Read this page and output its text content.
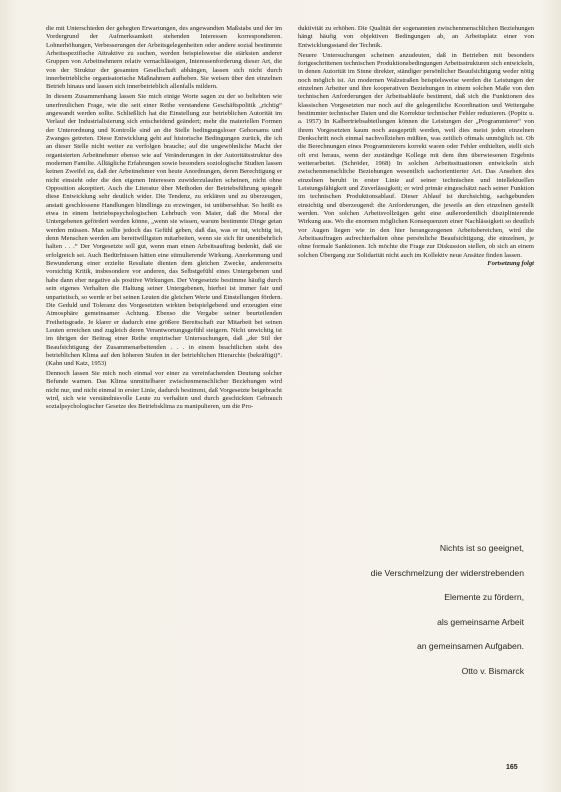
die mit Unterschieden der gehegten Erwartungen, des angewandten Maßstabs und der im Vordergrund der Aufmerksamkeit stehenden Interessen korrespondieren. Lohnerhöhungen, Verbesserungen der Arbeitsgelegenheiten oder andere sozial bestimmte Arbeitsspezifische Attraktive zu suchen, werden beispielsweise die stärksten anderer Gruppen von Arbeitnehmern relativ vernachlässigen, Interessenforderung dieser Art, die von der Struktur der gesamten Gesellschaft abhängen, lassen sich nicht durch innerbetriebliche organisatorische Maßnahmen aufheben. Sie weisen über den einzelnen Betrieb hinaus und lassen sich innerbetrieblich allenfalls mildern.

In diesem Zusammenhang lassen Sie mich einige Worte sagen zu der so beliebten wie unerfreulichen Frage, wie die seit einer Reihe verstandene Geschäftspolitik „richtig“ angewandt werden sollte. Schließlich hat die Einstellung zur betrieblichen Autorität im Verlauf der Industrialisierung sich entscheidend geändert; mehr die materiellen Formen der Unterordnung und Kontrolle sind an die Stelle bedingungsloser Gehorsams und Zwanges getreten. Diese Entwicklung geht auf historische Bedingungen zurück, die ich an dieser Stelle nicht weiter zu verfolgen brauche; auf die ungewöhnliche Macht der organisierten Arbeitnehmer ebenso wie auf Veränderungen in der Autoritätsstruktur des modernen Familie. Alltägliche Erfahrungen sowie besonders soziologische Studien lassen keinen Zweifel zu, daß der Arbeitnehmer von heute Anordnungen, deren Berechtigung er nicht einsieht oder die den eigenen Interessen zuwiderzulaufen scheinen, nicht ohne Opposition akzeptiert. Auch die Literatur über Methoden der Betriebsführung spiegelt diese Entwicklung sehr deutlich wider. Die Tendenz, zu erklären und zu überzeugen, anstatt geschlossene Handlungen blindlings zu erzwingen, ist unübersehbar. So heißt es etwa in einem betriebspsychologischen Lehrbuch von Maier, daß die Moral der Untergebenen gefördert werden könne, „wenn sie wissen, warum bestimmte Dinge getan werden müssen. Man sollte jedoch das Gefühl geben, daß das, was er tut, wichtig ist, denn Menschen werden am bereitwilligsten mitarbeiten, wenn sie sich für unentbehrlich halten . . .“ Der Vorgesetzte soll gut, wenn man einen Arbeitsauftrag bedenkt, daß sie erfolgreich sei. Auch Bedürfnissen hätten eine stimulierende Wirkung. Anerkennung und Bewunderung einer erzielte Resultate dienten dem gleichen Zwecke, andererseits vorsichtig Kritik, insbesondere vor anderen, das Selbstgefühl eines Untergebenen und habe dann eher negative als positive Wirkungen. Der Vorgesetzte bestimme häufig durch sein eigenes Verhalten die Haltung seiner Untergebenen, hierbei ist immer fair und unparteiisch, so werde er bei seinen Leuten die gleichen Werte und Einstellungen fördern. Die Geduld und Toleranz des Vorgesetzten wirkten beispielgebend und erzeugten eine Atmosphäre gemeinsamer Achtung. Ebenso die Vergabe seiner beurteilenden Freiheitsgrade. Je klarer er dadurch eine größere Bereitschaft zur Mitarbeit bei seinen Leuten erreichen und zugleich deren Verantwortungsgefühl steigern. Nicht unwichtig ist im übrigen der Beitrag einer Reihe empirischer Untersuchungen, daß „der Stil der Beaufsichtigung der Zusammenarbeitenden . . . in einem beachtlichen steht des betrieblichen Klima auf den höheren Stufen in der betrieblichen Hierarchie (bekräftigt)“. (Kahn und Katz, 1953)

Dennoch lassen Sie mich noch einmal vor einer zu vereinfachenden Deutung solcher Befunde warnen. Das Klima unmittelbarer zwischenmenschlicher Beziehungen wird nicht nur, und nicht einmal in erster Linie, dadurch bestimmt, daß Vorgesetzte beigebracht wird, sich wie verständnisvolle Leute zu verhalten und durch geschickten Gebrauch sozialpsychologischer Gesetze des Betriebsklima zu manipulieren, um die Pro-

duktivität zu erhöhen. Die Qualität der sogenannten zwischenmenschlichen Beziehungen hängt häufig von objektiven Bedingungen ab, an Arbeitsplatz einer von Entwicklungsstand der Technik.

Neuere Untersuchungen scheinen anzudeuten, daß in Betrieben mit besonders fortgeschrittenen technischen Produktionsbedingungen Arbeitsstrukturen sich entwickeln, in denen Autorität im Sinne direkter, ständiger persönlicher Beaufsichtigung weder nötig noch möglich ist. An modernen Walzstraßen beispielsweise werden die Leistungen der einzelnen Arbeiter und ihre kooperativen Beziehungen in einem solchen Maße von den technischen Anforderungen der Arbeitsabläufe bestimmt, daß sich die Funktionen des klassischen Vorgesetzten nur noch auf die gelegentliche Koordination und Weitergabe bestimmter technischer Daten und die Korrektur technischer Fehler reduzieren. (Popitz u. a. 1957) In Kalbertriebsabteilungen können die Leistungen der „Programmierer“ von ihrem Vorgesetzten kaum noch ausgeprüft werden, weil dies meist jeden einzelnen Denkschritt noch einmal nachvollziehen müßten, was zeitlich oftmals unmöglich ist. Ob die Berechnungen eines Programmierers korrekt waren oder Fehler enthielten, stellt sich oft erst heraus, wenn der zuständige Kollege mit dem ihm überwiesenen Ergebnis weiterarbeitet. (Schröder, 1968) In solchen Arbeitssituationen entwickeln sich zwischenmenschliche Beziehungen wesentlich sachorientierter Art. Das Ansehen des einzelnen beruht in erster Linie auf seiner technischen und intellektuellen Leistungsfähigkeit und Zuverlässigkeit; er wird primär eingeschätzt nach seiner Funktion im technischen Produktionsablauf. Dieser Ablauf ist durchsichtig, sachgebunden einsichtig und überzeugend: die Anforderungen, die jeweils an den einzelnen gestellt werden. Von solchen Arbeitsvollzügen geht eine außerordentlich disziplinierende Wirkung aus. Wo die enormen möglichen Konsequenzen einer Nachlässigkeit so deutlich vor Augen liegen wie in den hier herangezogenen Arbeitsbereichen, wird die Arbeitsauftragen aufrechterhalten ohne persönliche Beaufsichtigung, die einzelnen, je ohne formale Sanktionen. Ich möchte die Frage zur Diskussion stellen, ob sich an einem solchen Übergang zur Solidarität nicht auch im Kollektiv neue Ansätze finden lassen.

Fortsetzung folgt
Nichts ist so geeignet,
die Verschmelzung der widerstrebenden
Elemente zu fördern,
als gemeinsame Arbeit
an gemeinsamen Aufgaben.
Otto v. Bismarck
165
